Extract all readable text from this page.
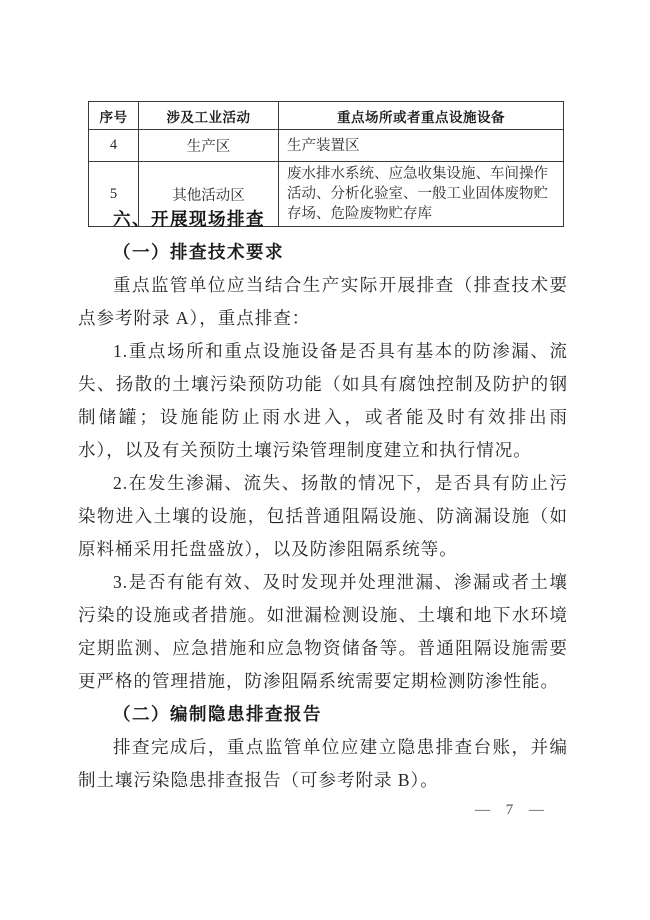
序号	涉及工业活动	重点场所或者重点设施设备
4	生产区	生产装置区
5	其他活动区	废水排水系统、应急收集设施、车间操作活动、分析化验室、一般工业固体废物贮存场、危险废物贮存库
六、开展现场排查
（一）排查技术要求

重点监管单位应当结合生产实际开展排查（排查技术要点参考附录 A），重点排查：

1.重点场所和重点设施设备是否具有基本的防渗漏、流失、扬散的土壤污染预防功能（如具有腐蚀控制及防护的钢制储罐；设施能防止雨水进入，或者能及时有效排出雨水），以及有关预防土壤污染管理制度建立和执行情况。

2.在发生渗漏、流失、扬散的情况下，是否具有防止污染物进入土壤的设施，包括普通阻隔设施、防滴漏设施（如原料桶采用托盘盛放），以及防渗阻隔系统等。

3.是否有能有效、及时发现并处理泄漏、渗漏或者土壤污染的设施或者措施。如泄漏检测设施、土壤和地下水环境定期监测、应急措施和应急物资储备等。普通阻隔设施需要更严格的管理措施，防渗阻隔系统需要定期检测防渗性能。

（二）编制隐患排查报告

排查完成后，重点监管单位应建立隐患排查台账，并编制土壤污染隐患排查报告（可参考附录 B）。

— 7 —
